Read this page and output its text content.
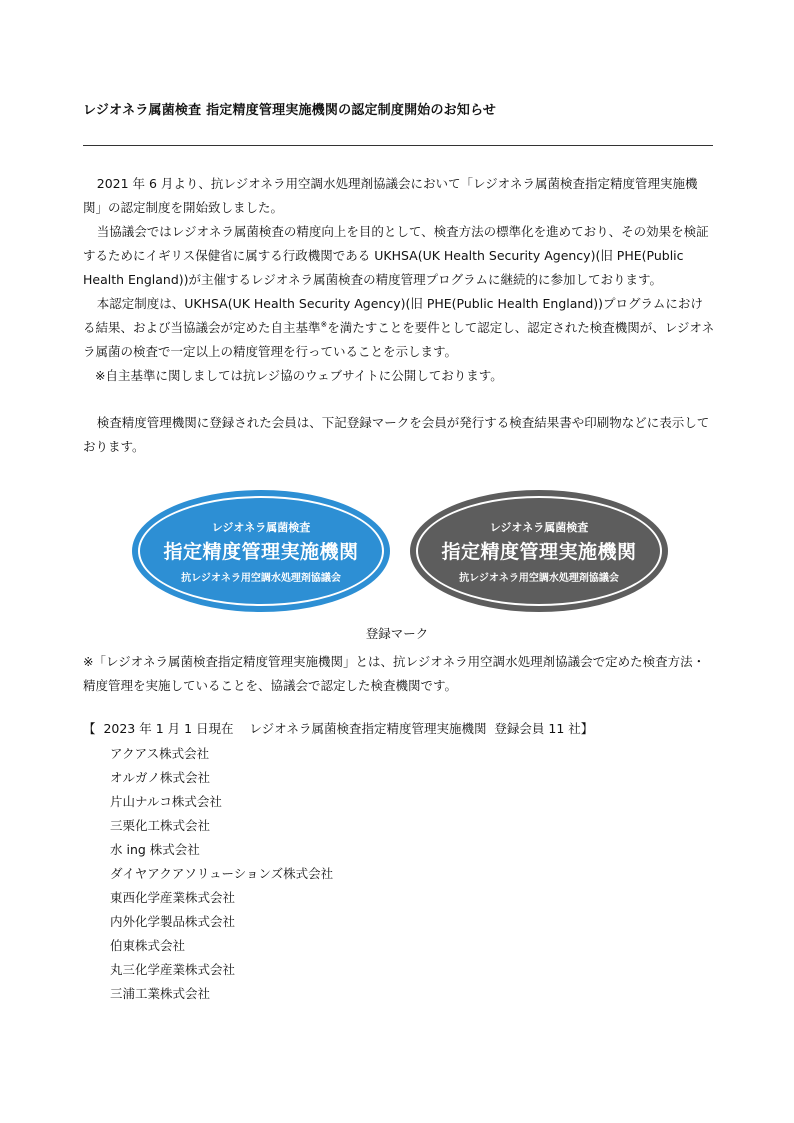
レジオネラ属菌検査 指定精度管理実施機関の認定制度開始のお知らせ

2021 年 6 月より、抗レジオネラ用空調水処理剤協議会において「レジオネラ属菌検査指定精度管理実施機関」の認定制度を開始致しました。

当協議会ではレジオネラ属菌検査の精度向上を目的として、検査方法の標準化を進めており、その効果を検証するためにイギリス保健省に属する行政機関である UKHSA(UK Health Security Agency)(旧 PHE(Public Health England))が主催するレジオネラ属菌検査の精度管理プログラムに継続的に参加しております。

本認定制度は、UKHSA(UK Health Security Agency)(旧 PHE(Public Health England))プログラムにおける結果、および当協議会が定めた自主基準※を満たすことを要件として認定し、認定された検査機関が、レジオネラ属菌の検査で一定以上の精度管理を行っていることを示します。

※自主基準に関しましては抗レジ協のウェブサイトに公開しております。

検査精度管理機関に登録された会員は、下記登録マークを会員が発行する検査結果書や印刷物などに表示しております。

レジオネラ属菌検査
指定精度管理実施機関
抗レジオネラ用空調水処理剤協議会
レジオネラ属菌検査
指定精度管理実施機関
抗レジオネラ用空調水処理剤協議会
登録マーク

※「レジオネラ属菌検査指定精度管理実施機関」とは、抗レジオネラ用空調水処理剤協議会で定めた検査方法・精度管理を実施していることを、協議会で認定した検査機関です。

【  2023 年 1 月 1 日現在    レジオネラ属菌検査指定精度管理実施機関  登録会員 11 社】
アクアス株式会社
オルガノ株式会社
片山ナルコ株式会社
三栗化工株式会社
水 ing 株式会社
ダイヤアクアソリューションズ株式会社
東西化学産業株式会社
内外化学製品株式会社
伯東株式会社
丸三化学産業株式会社
三浦工業株式会社
